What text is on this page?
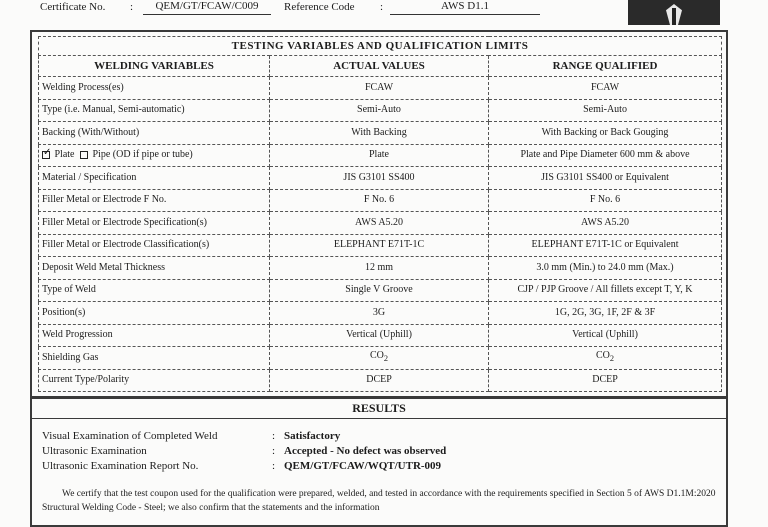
Certificate No. :	QEM/GT/FCAW/C009	Reference Code :	AWS D1.1
TESTING VARIABLES AND QUALIFICATION LIMITS		
WELDING VARIABLES	ACTUAL VALUES	RANGE QUALIFIED
Welding Process(es)	FCAW	FCAW
Type (i.e. Manual, Semi-automatic)	Semi-Auto	Semi-Auto
Backing (With/Without)	With Backing	With Backing or Back Gouging

✓ Plate Pipe (OD if pipe or tube)	Plate	Plate and Pipe Diameter 600 mm & above
Material / Specification	JIS G3101 SS400	JIS G3101 SS400 or Equivalent
Filler Metal or Electrode F No.	F No. 6	F No. 6
Filler Metal or Electrode Specification(s)	AWS A5.20	AWS A5.20
Filler Metal or Electrode Classification(s)	ELEPHANT E71T-1C	ELEPHANT E71T-1C or Equivalent
Deposit Weld Metal Thickness	12 mm	3.0 mm (Min.) to 24.0 mm (Max.)
Type of Weld	Single V Groove	CJP / PJP Groove / All fillets except T, Y, K
Position(s)	3G	1G, 2G, 3G, 1F, 2F & 3F
Weld Progression	Vertical (Uphill)	Vertical (Uphill)
Shielding Gas	$CO_2$	$CO_2$
Current Type/Polarity	DCEP	DCEP
RESULTS
Visual Examination of Completed Weld	: Satisfactory
Ultrasonic Examination	: Accepted - No defect was observed
Ultrasonic Examination Report No.	: QEM/GT/FCAW/WQT/UTR-009
We certify that the test coupon used for the qualification were prepared, welded, and tested in accordance with the requirements specified in Section 5 of AWS D1.1M:2020 Structural Welding Code - Steel; we also confirm that the statements and the information
